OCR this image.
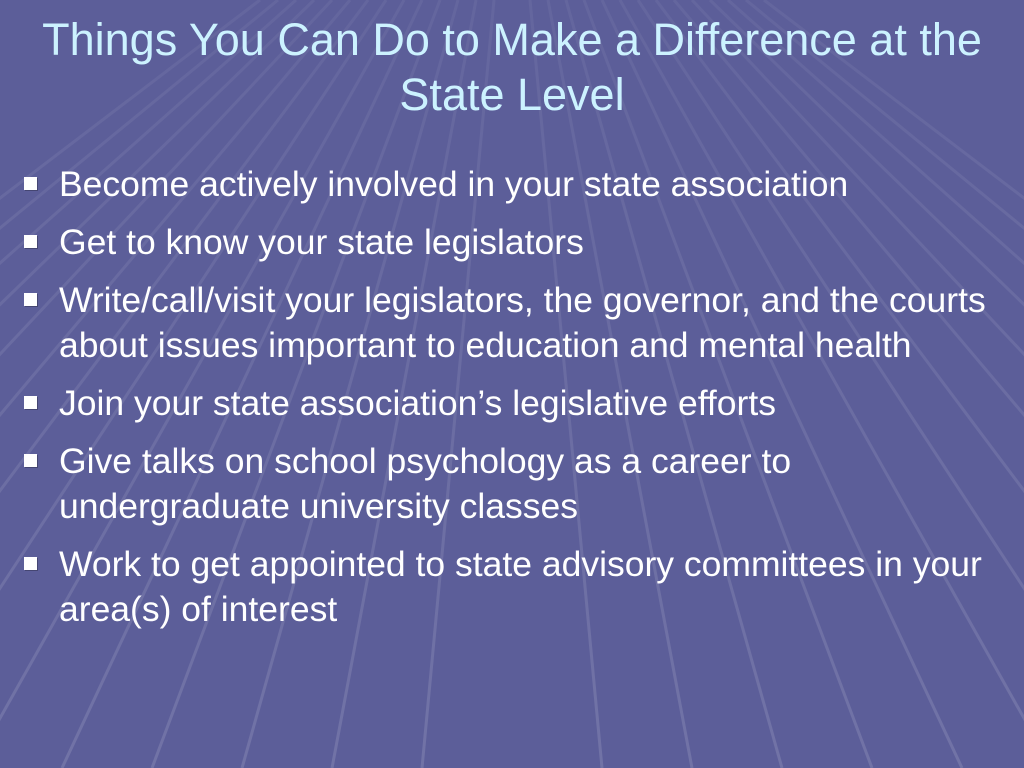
Things You Can Do to Make a Difference at the State Level
Become actively involved in your state association
Get to know your state legislators
Write/call/visit your legislators, the governor, and the courts about issues important to education and mental health
Join your state association’s legislative efforts
Give talks on school psychology as a career to undergraduate university classes
Work to get appointed to state advisory committees in your area(s) of interest
